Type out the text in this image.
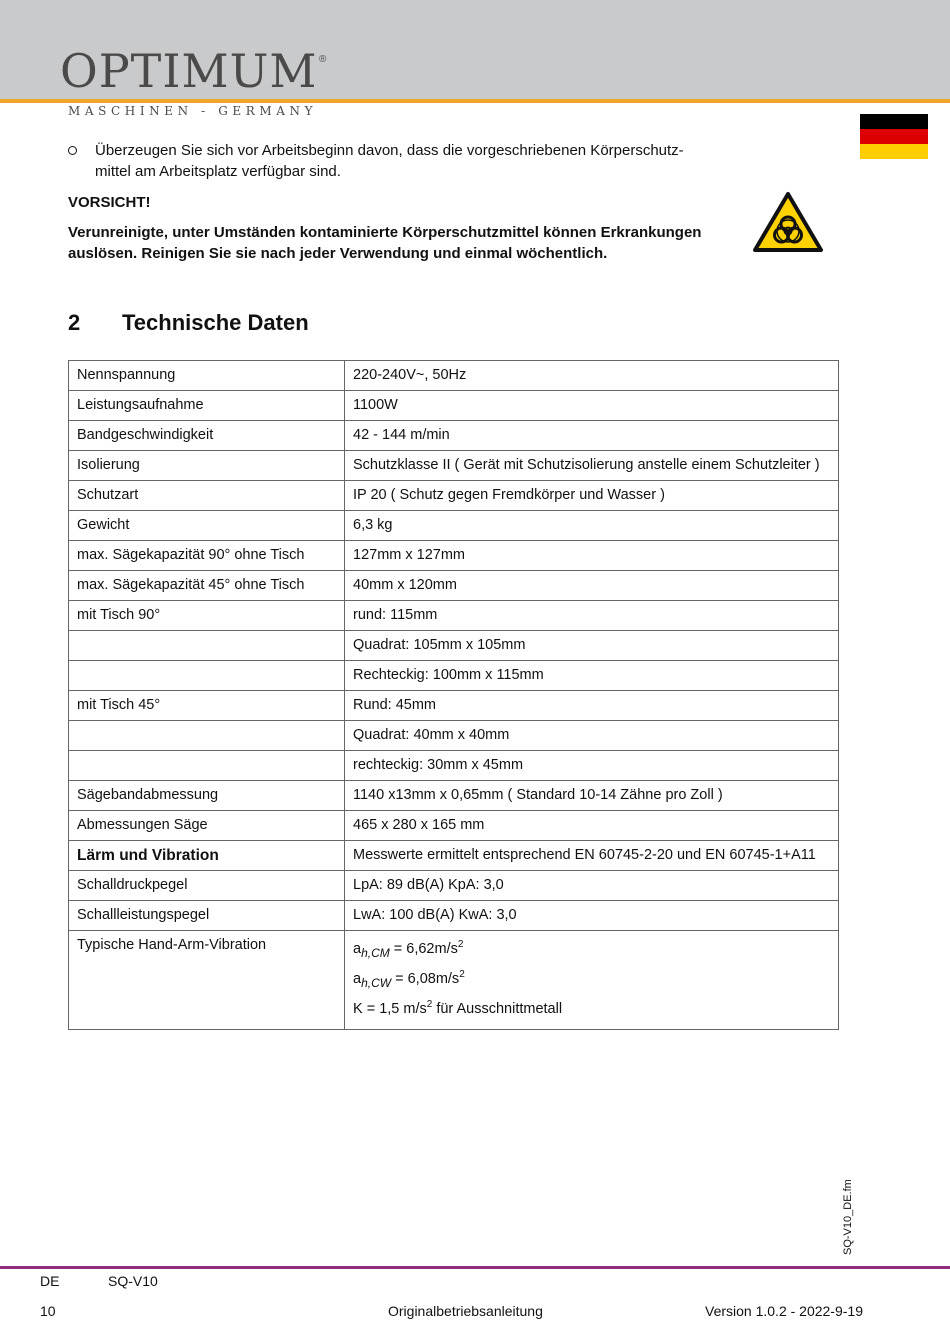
OPTIMUM ®
MASCHINEN - GERMANY
Überzeugen Sie sich vor Arbeitsbeginn davon, dass die vorgeschriebenen Körperschutz-
mittel am Arbeitsplatz verfügbar sind.
VORSICHT!
Verunreinigte, unter Umständen kontaminierte Körperschutzmittel können Erkrankungen auslösen. Reinigen Sie sie nach jeder Verwendung und einmal wöchentlich.
2 Technische Daten
Nennspannung	220-240V~, 50Hz
Leistungsaufnahme	1100W
Bandgeschwindigkeit	42 - 144 m/min
Isolierung	Schutzklasse II ( Gerät mit Schutzisolierung anstelle einem Schutzleiter )
Schutzart	IP 20 ( Schutz gegen Fremdkörper und Wasser )
Gewicht	6,3 kg
max. Sägekapazität 90° ohne Tisch	127mm x 127mm
max. Sägekapazität 45° ohne Tisch	40mm x 120mm
mit Tisch 90°	rund: 115mm
	Quadrat: 105mm x 105mm
	Rechteckig: 100mm x 115mm
mit Tisch 45°	Rund: 45mm
	Quadrat: 40mm x 40mm
	rechteckig: 30mm x 45mm
Sägebandabmessung	1140 x13mm x 0,65mm ( Standard 10-14 Zähne pro Zoll )
Abmessungen Säge	465 x 280 x 165 mm
Lärm und Vibration	Messwerte ermittelt entsprechend EN 60745-2-20 und EN 60745-1+A11
Schalldruckpegel	LpA: 89 dB(A) KpA: 3,0
Schallleistungspegel	LwA: 100 dB(A) KwA: 3,0
Typische Hand-Arm-Vibration	$a_{h,CM} = 6,62m/s^2$
$a_{h,CW} = 6,08m/s^2$
K = 1,5 $m/s^2$ für Ausschnittmetall
SQ-V10_DE.fm
DE	SQ-V10
10	Originalbetriebsanleitung	Version 1.0.2 - 2022-9-19
